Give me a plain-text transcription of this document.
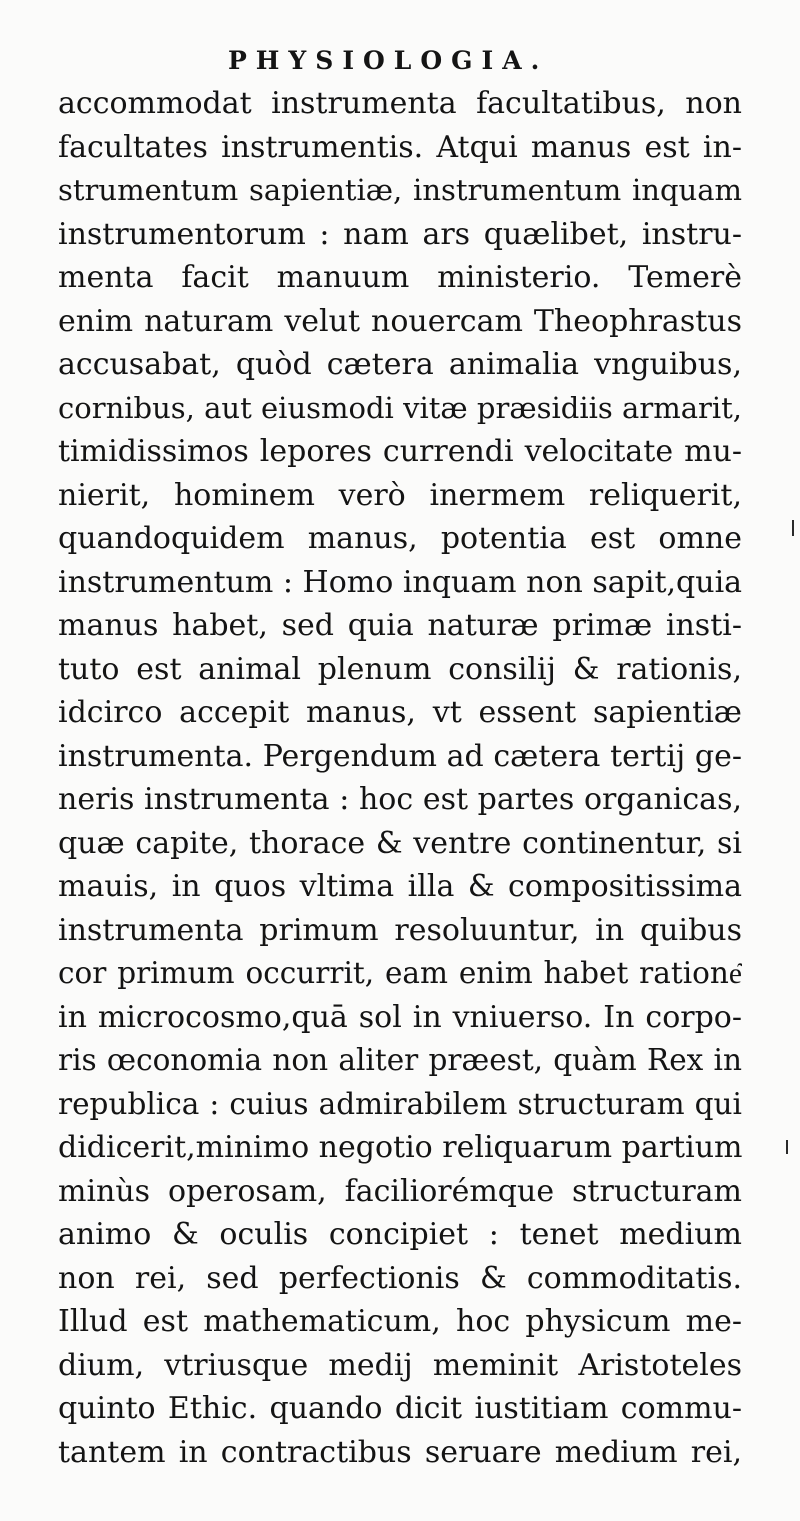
PHYSIOLOGIA.
accommodat instrumenta facultatibus, non
facultates instrumentis. Atqui manus est in-
strumentum sapientiæ, instrumentum inquam
instrumentorum : nam ars quælibet, instru-
menta facit manuum ministerio. Temerè
enim naturam velut nouercam Theophrastus
accusabat, quòd cætera animalia vnguibus,
cornibus, aut eiusmodi vitæ præsidiis armarit,
timidissimos lepores currendi velocitate mu-
nierit, hominem verò inermem reliquerit,
quandoquidem manus, potentia est omne
instrumentum : Homo inquam non sapit,quia
manus habet, sed quia naturæ primæ insti-
tuto est animal plenum consilij & rationis,
idcirco accepit manus, vt essent sapientiæ
instrumenta. Pergendum ad cætera tertij ge-
neris instrumenta : hoc est partes organicas,
quæ capite, thorace & ventre continentur, si
mauis, in quos vltima illa & compositissima
instrumenta primum resoluuntur, in quibus
cor primum occurrit, eam enim habet ratione͂
in microcosmo,quā sol in vniuerso. In corpo-
ris œconomia non aliter præest, quàm Rex in
republica : cuius admirabilem structuram qui
didicerit,minimo negotio reliquarum partium
minùs operosam, faciliorémque structuram
animo & oculis concipiet : tenet medium
non rei, sed perfectionis & commoditatis.
Illud est mathematicum, hoc physicum me-
dium, vtriusque medij meminit Aristoteles
quinto Ethic. quando dicit iustitiam commu-
tantem in contractibus seruare medium rei,
